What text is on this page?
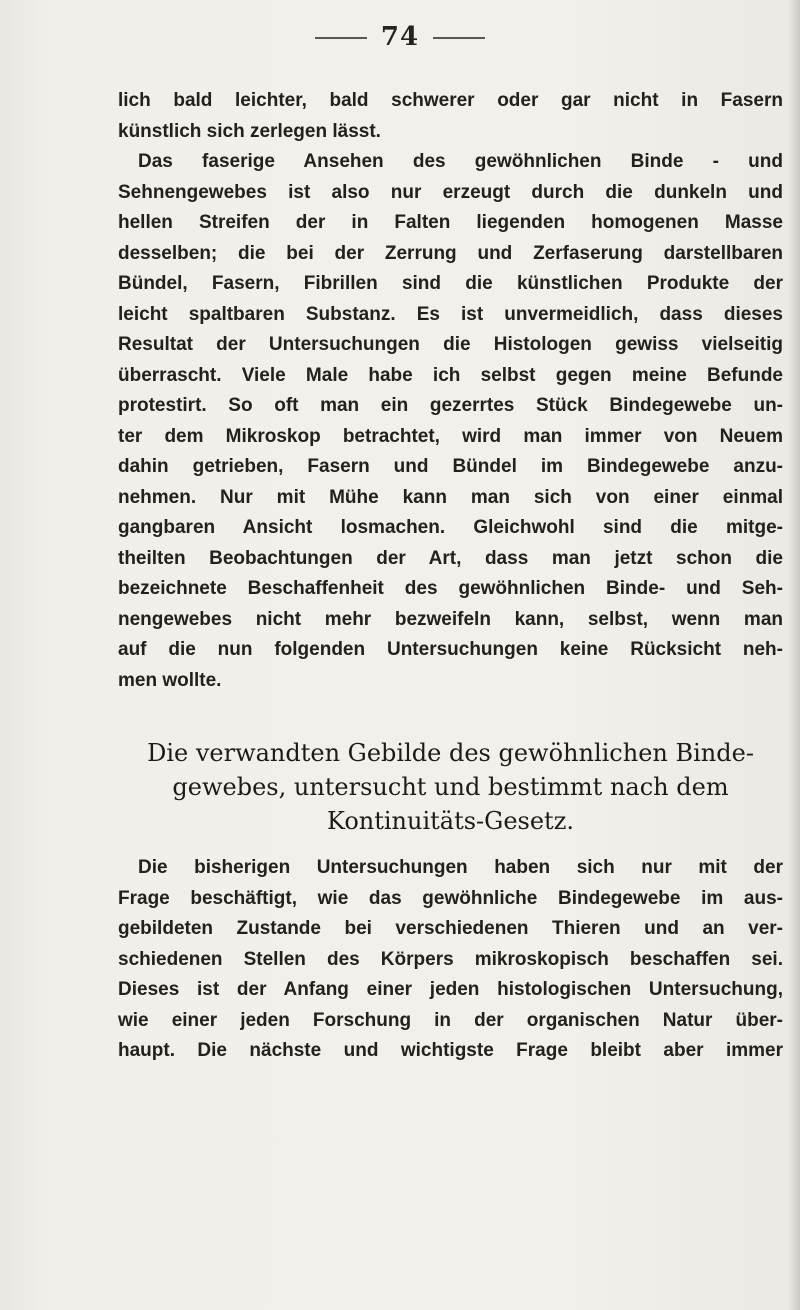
74
lich bald leichter, bald schwerer oder gar nicht in Fasern
künstlich sich zerlegen lässt.
Das faserige Ansehen des gewöhnlichen Binde - und
Sehnengewebes ist also nur erzeugt durch die dunkeln und
hellen Streifen der in Falten liegenden homogenen Masse
desselben; die bei der Zerrung und Zerfaserung darstellbaren
Bündel, Fasern, Fibrillen sind die künstlichen Produkte der
leicht spaltbaren Substanz. Es ist unvermeidlich, dass dieses
Resultat der Untersuchungen die Histologen gewiss vielseitig
überrascht. Viele Male habe ich selbst gegen meine Befunde
protestirt. So oft man ein gezerrtes Stück Bindegewebe un-
ter dem Mikroskop betrachtet, wird man immer von Neuem
dahin getrieben, Fasern und Bündel im Bindegewebe anzu-
nehmen. Nur mit Mühe kann man sich von einer einmal
gangbaren Ansicht losmachen. Gleichwohl sind die mitge-
theilten Beobachtungen der Art, dass man jetzt schon die
bezeichnete Beschaffenheit des gewöhnlichen Binde- und Seh-
nengewebes nicht mehr bezweifeln kann, selbst, wenn man
auf die nun folgenden Untersuchungen keine Rücksicht neh-
men wollte.
Die verwandten Gebilde des gewöhnlichen Binde-
gewebes, untersucht und bestimmt nach dem
Kontinuitäts-Gesetz.
Die bisherigen Untersuchungen haben sich nur mit der
Frage beschäftigt, wie das gewöhnliche Bindegewebe im aus-
gebildeten Zustande bei verschiedenen Thieren und an ver-
schiedenen Stellen des Körpers mikroskopisch beschaffen sei.
Dieses ist der Anfang einer jeden histologischen Untersuchung,
wie einer jeden Forschung in der organischen Natur über-
haupt. Die nächste und wichtigste Frage bleibt aber immer
